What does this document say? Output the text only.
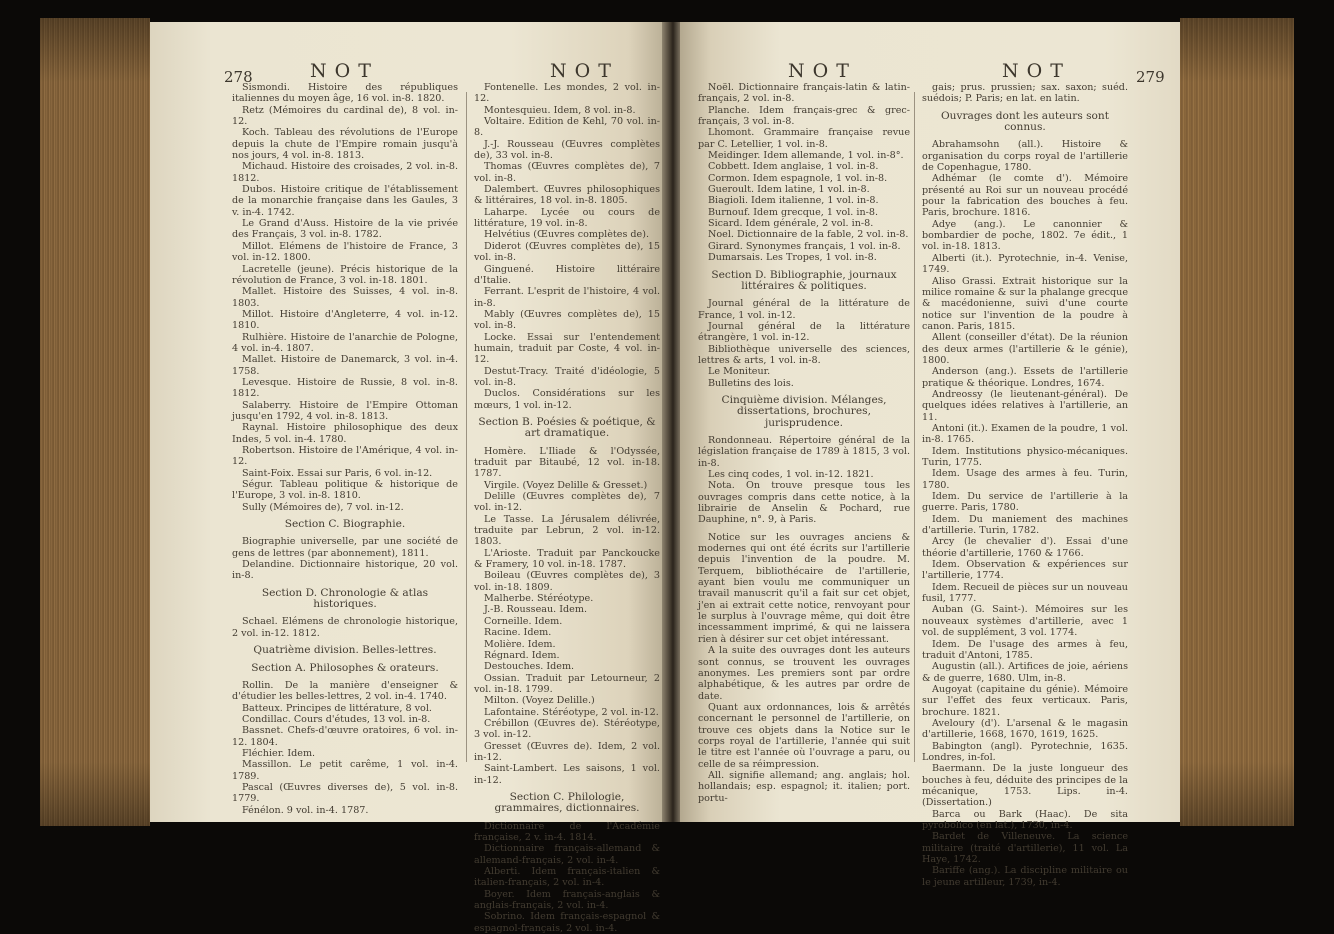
278	NOT	NOT

Sismondi. Histoire des républiques italiennes du moyen âge, 16 vol. in-8. 1820.

Retz (Mémoires du cardinal de), 8 vol. in-12.

Koch. Tableau des révolutions de l'Europe depuis la chute de l'Empire romain jusqu'à nos jours, 4 vol. in-8. 1813.

Michaud. Histoire des croisades, 2 vol. in-8. 1812.

Dubos. Histoire critique de l'établissement de la monarchie française dans les Gaules, 3 v. in-4. 1742.

Le Grand d'Auss. Histoire de la vie privée des Français, 3 vol. in-8. 1782.

Millot. Elémens de l'histoire de France, 3 vol. in-12. 1800.

Lacretelle (jeune). Précis historique de la révolution de France, 3 vol. in-18. 1801.

Mallet. Histoire des Suisses, 4 vol. in-8. 1803.

Millot. Histoire d'Angleterre, 4 vol. in-12. 1810.

Rulhière. Histoire de l'anarchie de Pologne, 4 vol. in-4. 1807.

Mallet. Histoire de Danemarck, 3 vol. in-4. 1758.

Levesque. Histoire de Russie, 8 vol. in-8. 1812.

Salaberry. Histoire de l'Empire Ottoman jusqu'en 1792, 4 vol. in-8. 1813.

Raynal. Histoire philosophique des deux Indes, 5 vol. in-4. 1780.

Robertson. Histoire de l'Amérique, 4 vol. in-12.

Saint-Foix. Essai sur Paris, 6 vol. in-12.

Ségur. Tableau politique & historique de l'Europe, 3 vol. in-8. 1810.

Sully (Mémoires de), 7 vol. in-12.

Section C. Biographie.

Biographie universelle, par une société de gens de lettres (par abonnement), 1811.

Delandine. Dictionnaire historique, 20 vol. in-8.

Section D. Chronologie & atlas historiques.

Schael. Elémens de chronologie historique, 2 vol. in-12. 1812.

Quatrième division. Belles-lettres.

Section A. Philosophes & orateurs.

Rollin. De la manière d'enseigner & d'étudier les belles-lettres, 2 vol. in-4. 1740.

Batteux. Principes de littérature, 8 vol.

Condillac. Cours d'études, 13 vol. in-8.

Bassnet. Chefs-d'œuvre oratoires, 6 vol. in-12. 1804.

Fléchier. Idem.

Massillon. Le petit carême, 1 vol. in-4. 1789.

Pascal (Œuvres diverses de), 5 vol. in-8. 1779.

Fénélon. 9 vol. in-4. 1787.

Fontenelle. Les mondes, 2 vol. in-12.

Montesquieu. Idem, 8 vol. in-8.

Voltaire. Edition de Kehl, 70 vol. in-8.

J.-J. Rousseau (Œuvres complètes de), 33 vol. in-8.

Thomas (Œuvres complètes de), 7 vol. in-8.

Dalembert. Œuvres philosophiques & littéraires, 18 vol. in-8. 1805.

Laharpe. Lycée ou cours de littérature, 19 vol. in-8.

Helvétius (Œuvres complètes de).

Diderot (Œuvres complètes de), 15 vol. in-8.

Ginguené. Histoire littéraire d'Italie.

Ferrant. L'esprit de l'histoire, 4 vol. in-8.

Mably (Œuvres complètes de), 15 vol. in-8.

Locke. Essai sur l'entendement humain, traduit par Coste, 4 vol. in-12.

Destut-Tracy. Traité d'idéologie, 5 vol. in-8.

Duclos. Considérations sur les mœurs, 1 vol. in-12.

Section B. Poésies & poétique, & art dramatique.

Homère. L'Iliade & l'Odyssée, traduit par Bitaubé, 12 vol. in-18. 1787.

Virgile. (Voyez Delille & Gresset.)

Delille (Œuvres complètes de), 7 vol. in-12.

Le Tasse. La Jérusalem délivrée, traduite par Lebrun, 2 vol. in-12. 1803.

L'Arioste. Traduit par Panckoucke & Framery, 10 vol. in-18. 1787.

Boileau (Œuvres complètes de), 3 vol. in-18. 1809.

Malherbe. Stéréotype.

J.-B. Rousseau. Idem.

Corneille. Idem.

Racine. Idem.

Molière. Idem.

Régnard. Idem.

Destouches. Idem.

Ossian. Traduit par Letourneur, 2 vol. in-18. 1799.

Milton. (Voyez Delille.)

Lafontaine. Stéréotype, 2 vol. in-12.

Crébillon (Œuvres de). Stéréotype, 3 vol. in-12.

Gresset (Œuvres de). Idem, 2 vol. in-12.

Saint-Lambert. Les saisons, 1 vol. in-12.

Section C. Philologie, grammaires, dictionnaires.

Dictionnaire de l'Académie française, 2 v. in-4. 1814.

Dictionnaire français-allemand & allemand-français, 2 vol. in-4.

Alberti. Idem français-italien & italien-français, 2 vol. in-4.

Boyer. Idem français-anglais & anglais-français, 2 vol. in-4.

Sobrino. Idem français-espagnol & espagnol-français, 2 vol. in-4.

NOT	NOT	279

Noël. Dictionnaire français-latin & latin-français, 2 vol. in-8.

Planche. Idem français-grec & grec-français, 3 vol. in-8.

Lhomont. Grammaire française revue par C. Letellier, 1 vol. in-8.

Meidinger. Idem allemande, 1 vol. in-8°.

Cobbett. Idem anglaise, 1 vol. in-8.

Cormon. Idem espagnole, 1 vol. in-8.

Gueroult. Idem latine, 1 vol. in-8.

Biagioli. Idem italienne, 1 vol. in-8.

Burnouf. Idem grecque, 1 vol. in-8.

Sicard. Idem générale, 2 vol. in-8.

Noel. Dictionnaire de la fable, 2 vol. in-8.

Girard. Synonymes français, 1 vol. in-8.

Dumarsais. Les Tropes, 1 vol. in-8.

Section D. Bibliographie, journaux littéraires & politiques.

Journal général de la littérature de France, 1 vol. in-12.

Journal général de la littérature étrangère, 1 vol. in-12.

Bibliothèque universelle des sciences, lettres & arts, 1 vol. in-8.

Le Moniteur.

Bulletins des lois.

Cinquième division. Mélanges, dissertations, brochures, jurisprudence.

Rondonneau. Répertoire général de la législation française de 1789 à 1815, 3 vol. in-8.

Les cinq codes, 1 vol. in-12. 1821.

Nota. On trouve presque tous les ouvrages compris dans cette notice, à la librairie de Anselin & Pochard, rue Dauphine, n°. 9, à Paris.

Notice sur les ouvrages anciens & modernes qui ont été écrits sur l'artillerie depuis l'invention de la poudre. M. Terquem, bibliothécaire de l'artillerie, ayant bien voulu me communiquer un travail manuscrit qu'il a fait sur cet objet, j'en ai extrait cette notice, renvoyant pour le surplus à l'ouvrage même, qui doit être incessamment imprimé, & qui ne laissera rien à désirer sur cet objet intéressant.

A la suite des ouvrages dont les auteurs sont connus, se trouvent les ouvrages anonymes. Les premiers sont par ordre alphabétique, & les autres par ordre de date.

Quant aux ordonnances, lois & arrêtés concernant le personnel de l'artillerie, on trouve ces objets dans la Notice sur le corps royal de l'artillerie, l'année qui suit le titre est l'année où l'ouvrage a paru, ou celle de sa réimpression.

All. signifie allemand; ang. anglais; hol. hollandais; esp. espagnol; it. italien; port. portu-

gais; prus. prussien; sax. saxon; suéd. suédois; P. Paris; en lat. en latin.

Ouvrages dont les auteurs sont connus.

Abrahamsohn (all.). Histoire & organisation du corps royal de l'artillerie de Copenhague, 1780.

Adhémar (le comte d'). Mémoire présenté au Roi sur un nouveau procédé pour la fabrication des bouches à feu. Paris, brochure. 1816.

Adye (ang.). Le canonnier & bombardier de poche, 1802. 7e édit., 1 vol. in-18. 1813.

Alberti (it.). Pyrotechnie, in-4. Venise, 1749.

Aliso Grassi. Extrait historique sur la milice romaine & sur la phalange grecque & macédonienne, suivi d'une courte notice sur l'invention de la poudre à canon. Paris, 1815.

Allent (conseiller d'état). De la réunion des deux armes (l'artillerie & le génie), 1800.

Anderson (ang.). Essets de l'artillerie pratique & théorique. Londres, 1674.

Andreossy (le lieutenant-général). De quelques idées relatives à l'artillerie, an 11.

Antoni (it.). Examen de la poudre, 1 vol. in-8. 1765.

Idem. Institutions physico-mécaniques. Turin, 1775.

Idem. Usage des armes à feu. Turin, 1780.

Idem. Du service de l'artillerie à la guerre. Paris, 1780.

Idem. Du maniement des machines d'artillerie. Turin, 1782.

Arcy (le chevalier d'). Essai d'une théorie d'artillerie, 1760 & 1766.

Idem. Observation & expériences sur l'artillerie, 1774.

Idem. Recueil de pièces sur un nouveau fusil, 1777.

Auban (G. Saint-). Mémoires sur les nouveaux systèmes d'artillerie, avec 1 vol. de supplément, 3 vol. 1774.

Idem. De l'usage des armes à feu, traduit d'Antoni, 1785.

Augustin (all.). Artifices de joie, aériens & de guerre, 1680. Ulm, in-8.

Augoyat (capitaine du génie). Mémoire sur l'effet des feux verticaux. Paris, brochure. 1821.

Aveloury (d'). L'arsenal & le magasin d'artillerie, 1668, 1670, 1619, 1625.

Babington (angl). Pyrotechnie, 1635. Londres, in-fol.

Baermann. De la juste longueur des bouches à feu, déduite des principes de la mécanique, 1753. Lips. in-4. (Dissertation.)

Barca ou Bark (Haac). De sita pyrobolico (en lat.), 1730, in-4.

Bardet de Villeneuve. La science militaire (traité d'artillerie), 11 vol. La Haye, 1742.

Bariffe (ang.). La discipline militaire ou le jeune artilleur, 1739, in-4.
